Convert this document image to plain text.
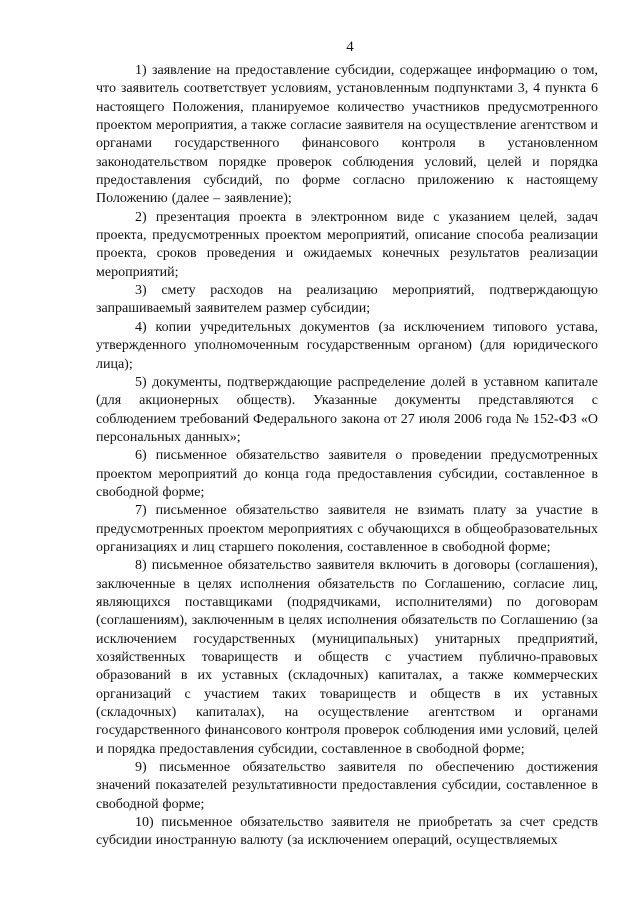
4

1) заявление на предоставление субсидии, содержащее информацию о том, что заявитель соответствует условиям, установленным подпунктами 3, 4 пункта 6 настоящего Положения, планируемое количество участников предусмотренного проектом мероприятия, а также согласие заявителя на осуществление агентством и органами государственного финансового контроля в установленном законодательством порядке проверок соблюдения условий, целей и порядка предоставления субсидий, по форме согласно приложению к настоящему Положению (далее – заявление);

2) презентация проекта в электронном виде с указанием целей, задач проекта, предусмотренных проектом мероприятий, описание способа реализации проекта, сроков проведения и ожидаемых конечных результатов реализации мероприятий;

3) смету расходов на реализацию мероприятий, подтверждающую запрашиваемый заявителем размер субсидии;

4) копии учредительных документов (за исключением типового устава, утвержденного уполномоченным государственным органом) (для юридического лица);

5) документы, подтверждающие распределение долей в уставном капитале (для акционерных обществ). Указанные документы представляются с соблюдением требований Федерального закона от 27 июля 2006 года № 152-ФЗ «О персональных данных»;

6) письменное обязательство заявителя о проведении предусмотренных проектом мероприятий до конца года предоставления субсидии, составленное в свободной форме;

7) письменное обязательство заявителя не взимать плату за участие в предусмотренных проектом мероприятиях с обучающихся в общеобразовательных организациях и лиц старшего поколения, составленное в свободной форме;

8) письменное обязательство заявителя включить в договоры (соглашения), заключенные в целях исполнения обязательств по Соглашению, согласие лиц, являющихся поставщиками (подрядчиками, исполнителями) по договорам (соглашениям), заключенным в целях исполнения обязательств по Соглашению (за исключением государственных (муниципальных) унитарных предприятий, хозяйственных товариществ и обществ с участием публично-правовых образований в их уставных (складочных) капиталах, а также коммерческих организаций с участием таких товариществ и обществ в их уставных (складочных) капиталах), на осуществление агентством и органами государственного финансового контроля проверок соблюдения ими условий, целей и порядка предоставления субсидии, составленное в свободной форме;

9) письменное обязательство заявителя по обеспечению достижения значений показателей результативности предоставления субсидии, составленное в свободной форме;

10) письменное обязательство заявителя не приобретать за счет средств субсидии иностранную валюту (за исключением операций, осуществляемых
